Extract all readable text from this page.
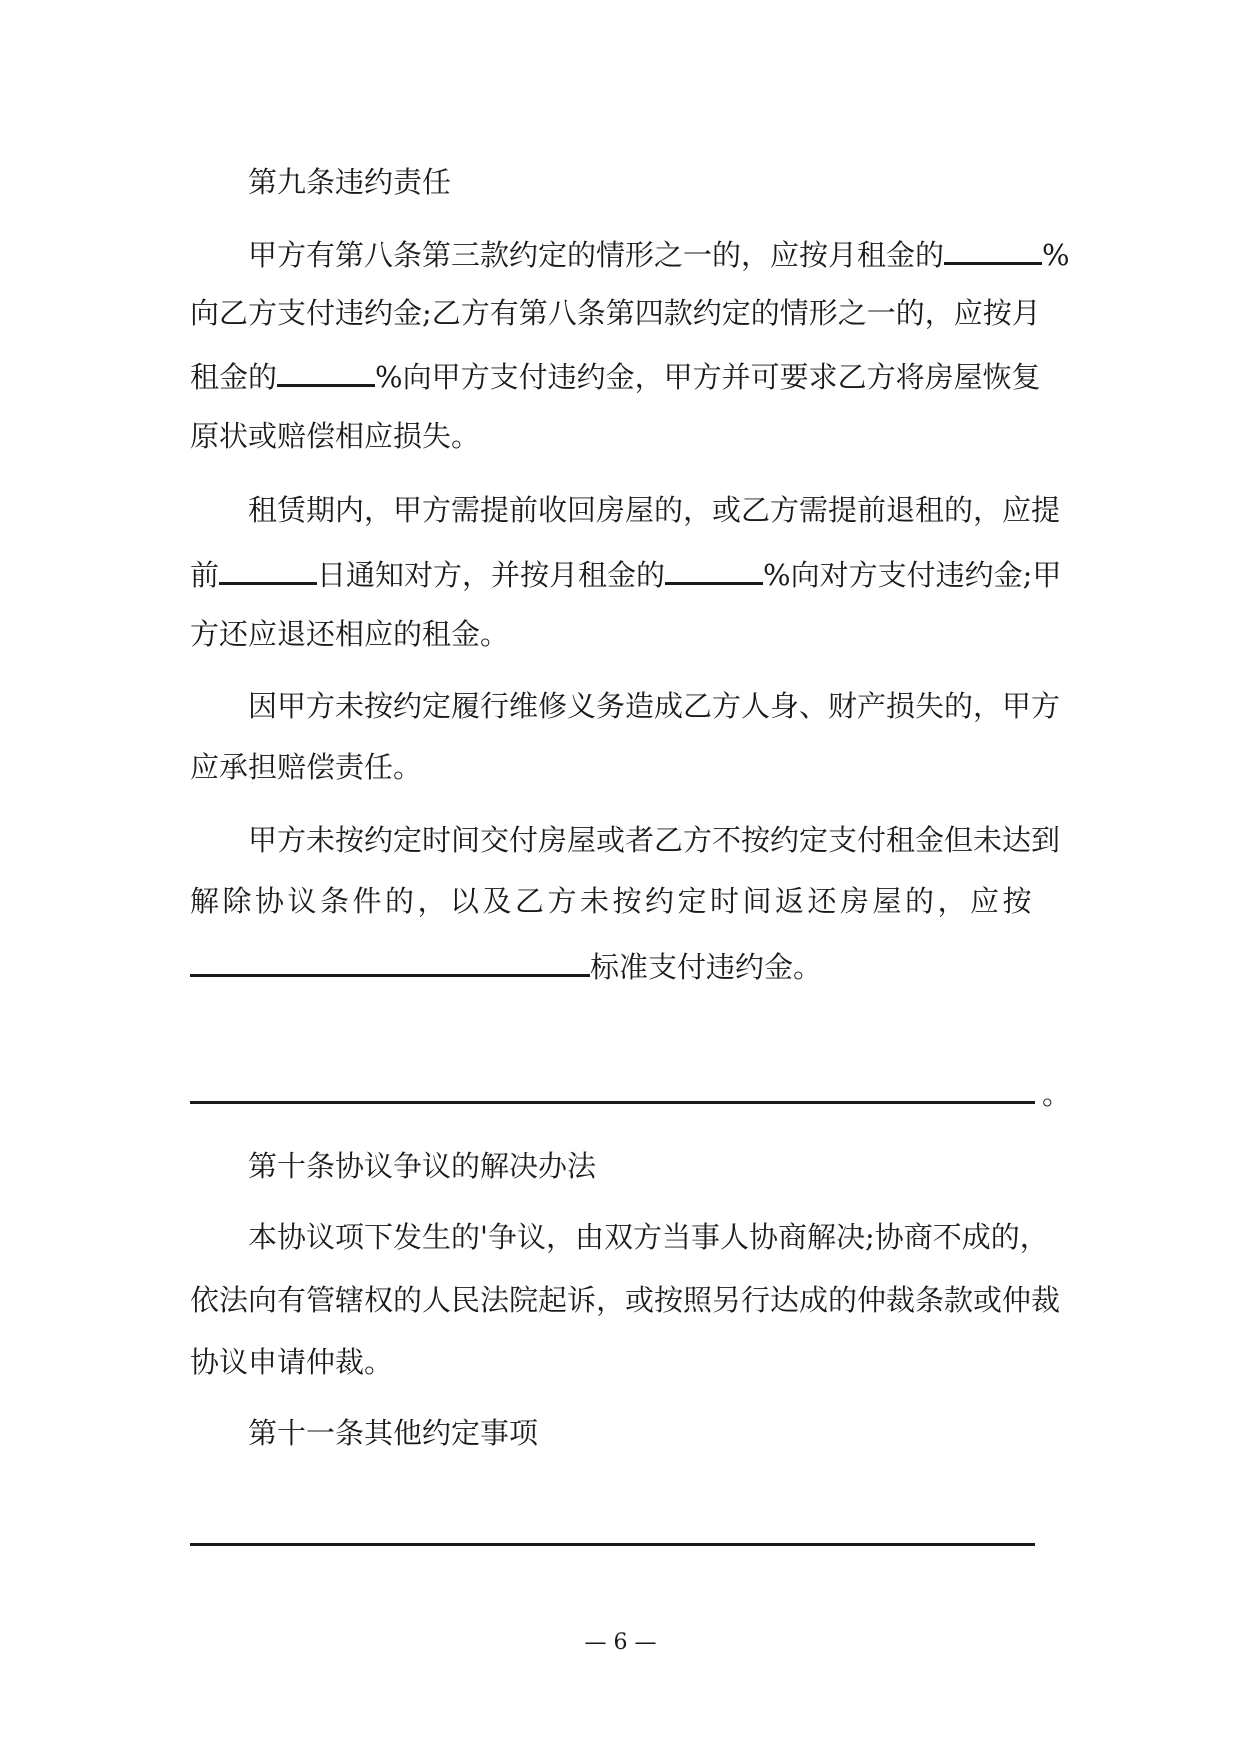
第九条违约责任
甲方有第八条第三款约定的情形之一的，应按月租金的	%
向乙方支付违约金;乙方有第八条第四款约定的情形之一的，应按月
租金的	%向甲方支付违约金，甲方并可要求乙方将房屋恢复
原状或赔偿相应损失。
租赁期内，甲方需提前收回房屋的，或乙方需提前退租的，应提
前	日通知对方，并按月租金的	%向对方支付违约金;甲
方还应退还相应的租金。
因甲方未按约定履行维修义务造成乙方人身、财产损失的，甲方
应承担赔偿责任。
甲方未按约定时间交付房屋或者乙方不按约定支付租金但未达到
解除协议条件的，以及乙方未按约定时间返还房屋的，应按
标准支付违约金。
。
第十条协议争议的解决办法
本协议项下发生的'争议，由双方当事人协商解决;协商不成的，
依法向有管辖权的人民法院起诉，或按照另行达成的仲裁条款或仲裁
协议申请仲裁。
第十一条其他约定事项
— 6 —
